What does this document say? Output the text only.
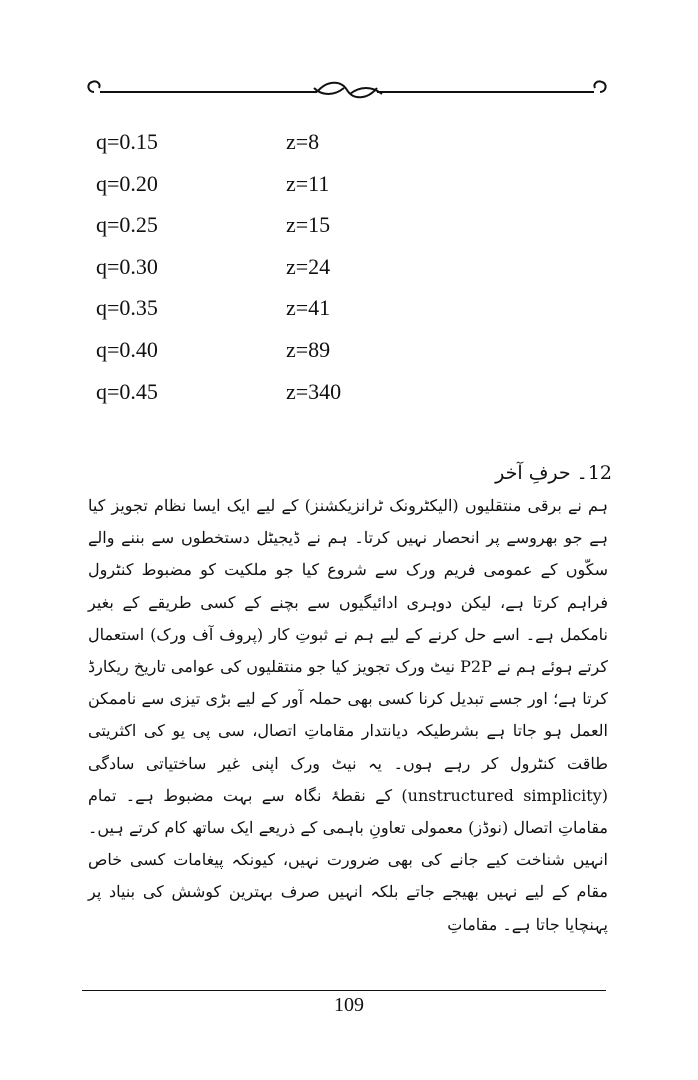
q=0.15	z=8
q=0.20	z=11
q=0.25	z=15
q=0.30	z=24
q=0.35	z=41
q=0.40	z=89
q=0.45	z=340
12۔ حرفِ آخر

ہم نے برقی منتقلیوں (الیکٹرونک ٹرانزیکشنز) کے لیے ایک ایسا نظام تجویز کیا ہے جو بھروسے پر انحصار نہیں کرتا۔ ہم نے ڈیجیٹل دستخطوں سے بننے والے سکّوں کے عمومی فریم ورک سے شروع کیا جو ملکیت کو مضبوط کنٹرول فراہم کرتا ہے، لیکن دوہری ادائیگیوں سے بچنے کے کسی طریقے کے بغیر نامکمل ہے۔ اسے حل کرنے کے لیے ہم نے ثبوتِ کار (پروف آف ورک) استعمال کرتے ہوئے ہم نے P2P نیٹ ورک تجویز کیا جو منتقلیوں کی عوامی تاریخ ریکارڈ کرتا ہے؛ اور جسے تبدیل کرنا کسی بھی حملہ آور کے لیے بڑی تیزی سے ناممکن العمل ہو جاتا ہے بشرطیکہ دیانتدار مقاماتِ اتصال، سی پی یو کی اکثریتی طاقت کنٹرول کر رہے ہوں۔ یہ نیٹ ورک اپنی غیر ساختیاتی سادگی (unstructured simplicity) کے نقطۂ نگاہ سے بہت مضبوط ہے۔ تمام مقاماتِ اتصال (نوڈز) معمولی تعاونِ باہمی کے ذریعے ایک ساتھ کام کرتے ہیں۔ انہیں شناخت کیے جانے کی بھی ضرورت نہیں، کیونکہ پیغامات کسی خاص مقام کے لیے نہیں بھیجے جاتے بلکہ انہیں صرف بہترین کوشش کی بنیاد پر پہنچایا جاتا ہے۔ مقاماتِ

109
